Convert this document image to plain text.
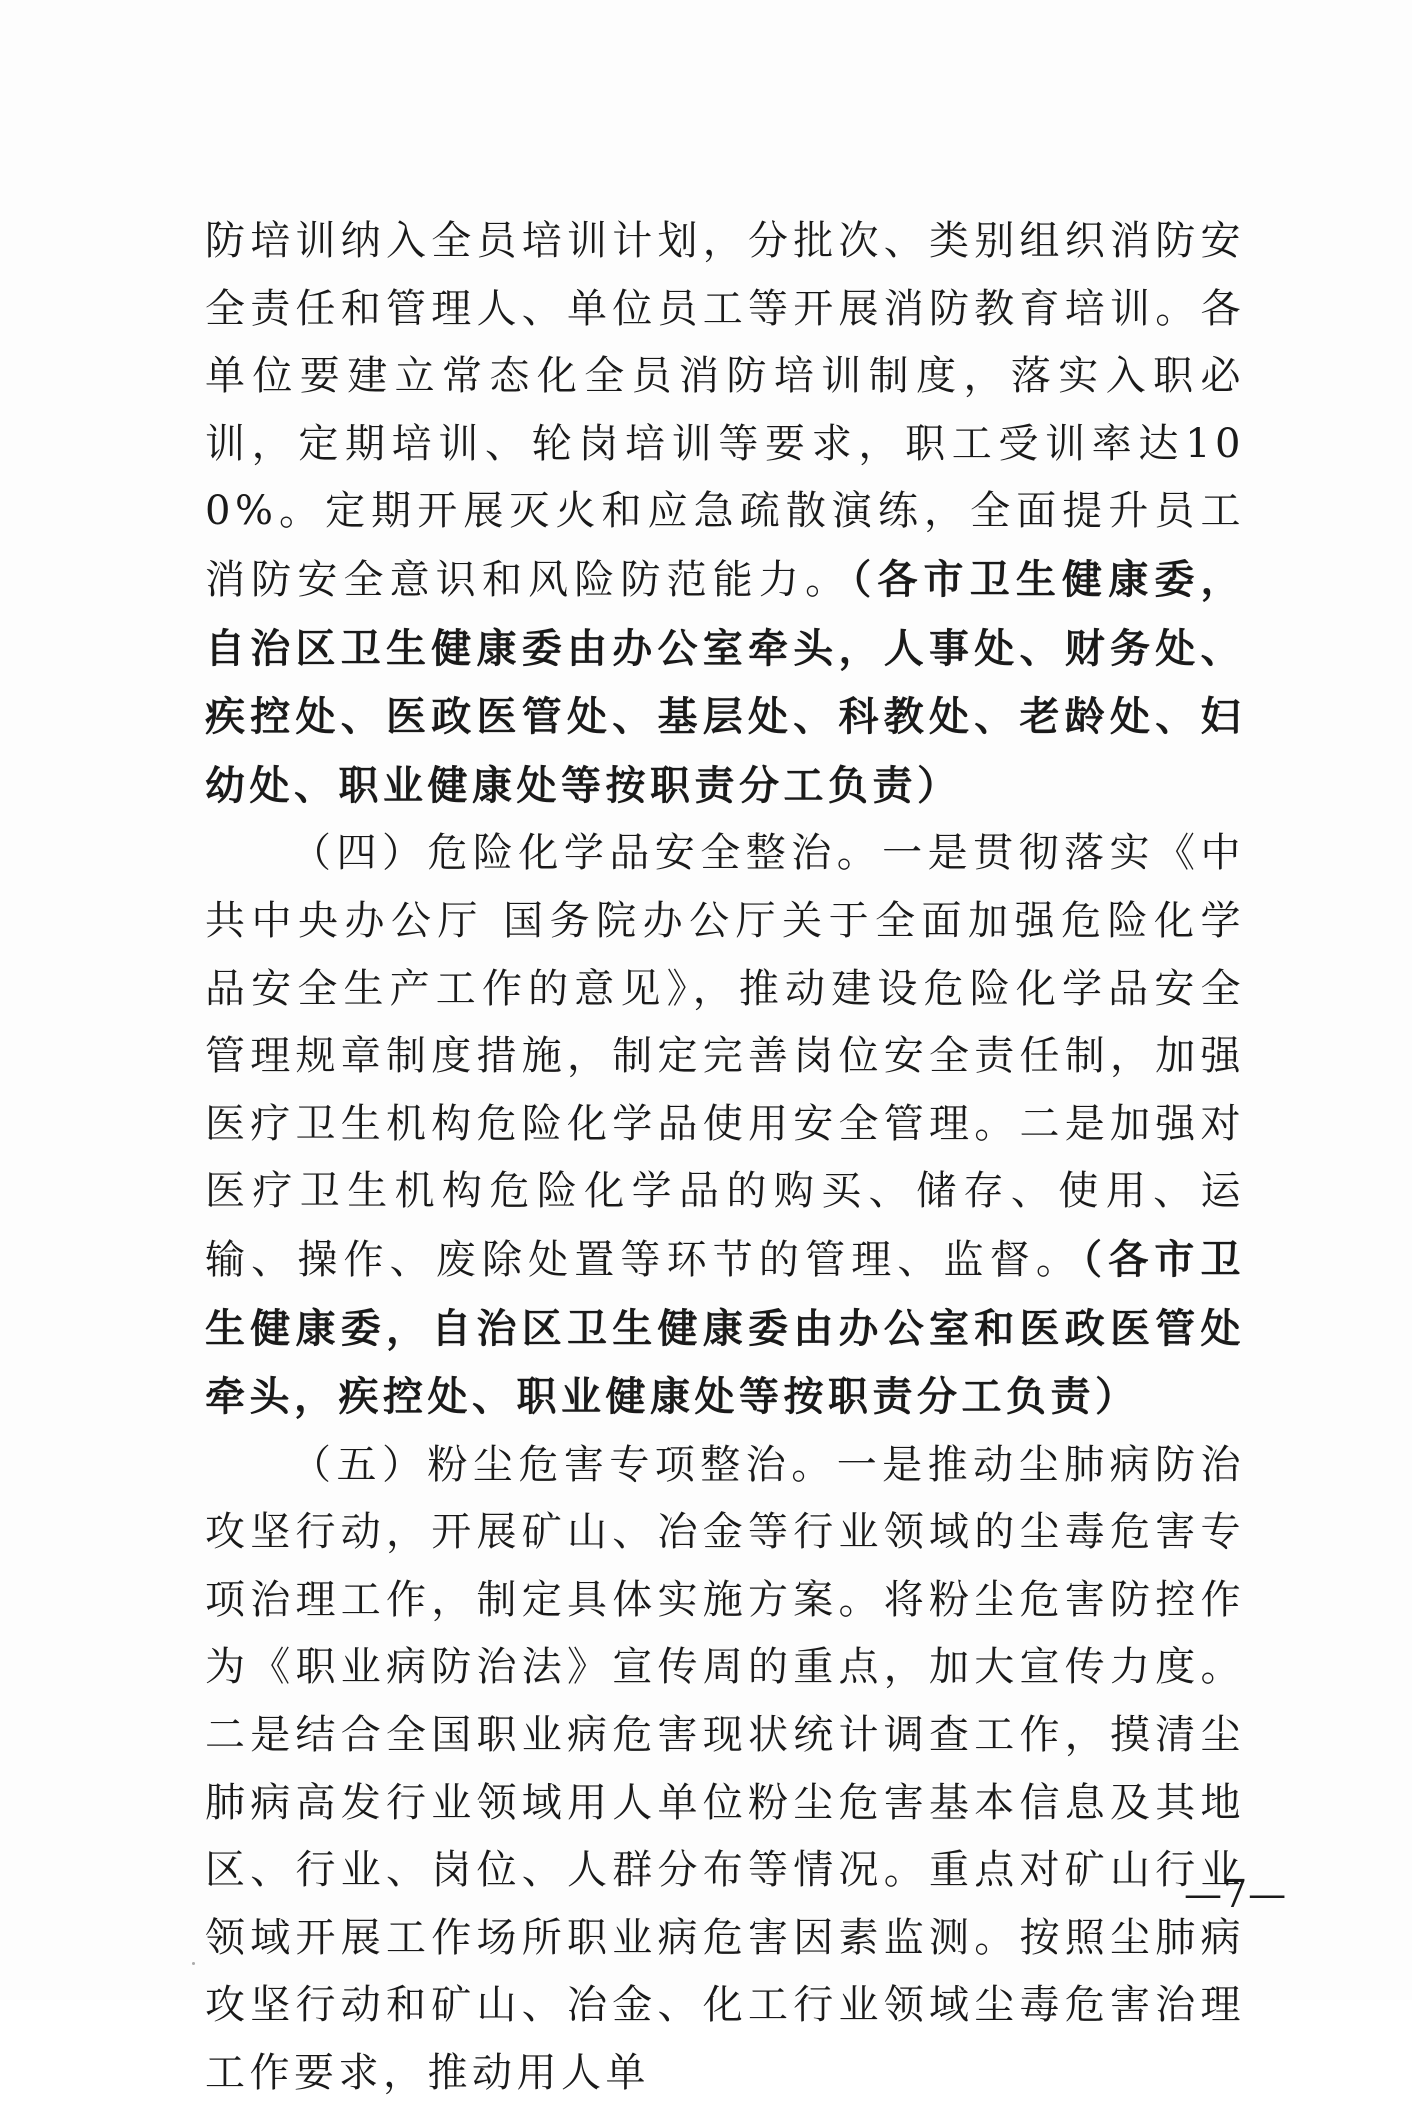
防培训纳入全员培训计划，分批次、类别组织消防安全责任和管理人、单位员工等开展消防教育培训。各单位要建立常态化全员消防培训制度，落实入职必训，定期培训、轮岗培训等要求，职工受训率达100%。定期开展灭火和应急疏散演练，全面提升员工消防安全意识和风险防范能力。（各市卫生健康委，自治区卫生健康委由办公室牵头，人事处、财务处、疾控处、医政医管处、基层处、科教处、老龄处、妇幼处、职业健康处等按职责分工负责）

（四）危险化学品安全整治。一是贯彻落实《中共中央办公厅 国务院办公厅关于全面加强危险化学品安全生产工作的意见》，推动建设危险化学品安全管理规章制度措施，制定完善岗位安全责任制，加强医疗卫生机构危险化学品使用安全管理。二是加强对医疗卫生机构危险化学品的购买、储存、使用、运输、操作、废除处置等环节的管理、监督。（各市卫生健康委，自治区卫生健康委由办公室和医政医管处牵头，疾控处、职业健康处等按职责分工负责）

（五）粉尘危害专项整治。一是推动尘肺病防治攻坚行动，开展矿山、冶金等行业领域的尘毒危害专项治理工作，制定具体实施方案。将粉尘危害防控作为《职业病防治法》宣传周的重点，加大宣传力度。二是结合全国职业病危害现状统计调查工作，摸清尘肺病高发行业领域用人单位粉尘危害基本信息及其地区、行业、岗位、人群分布等情况。重点对矿山行业领域开展工作场所职业病危害因素监测。按照尘肺病攻坚行动和矿山、冶金、化工行业领域尘毒危害治理工作要求，推动用人单

—7—
